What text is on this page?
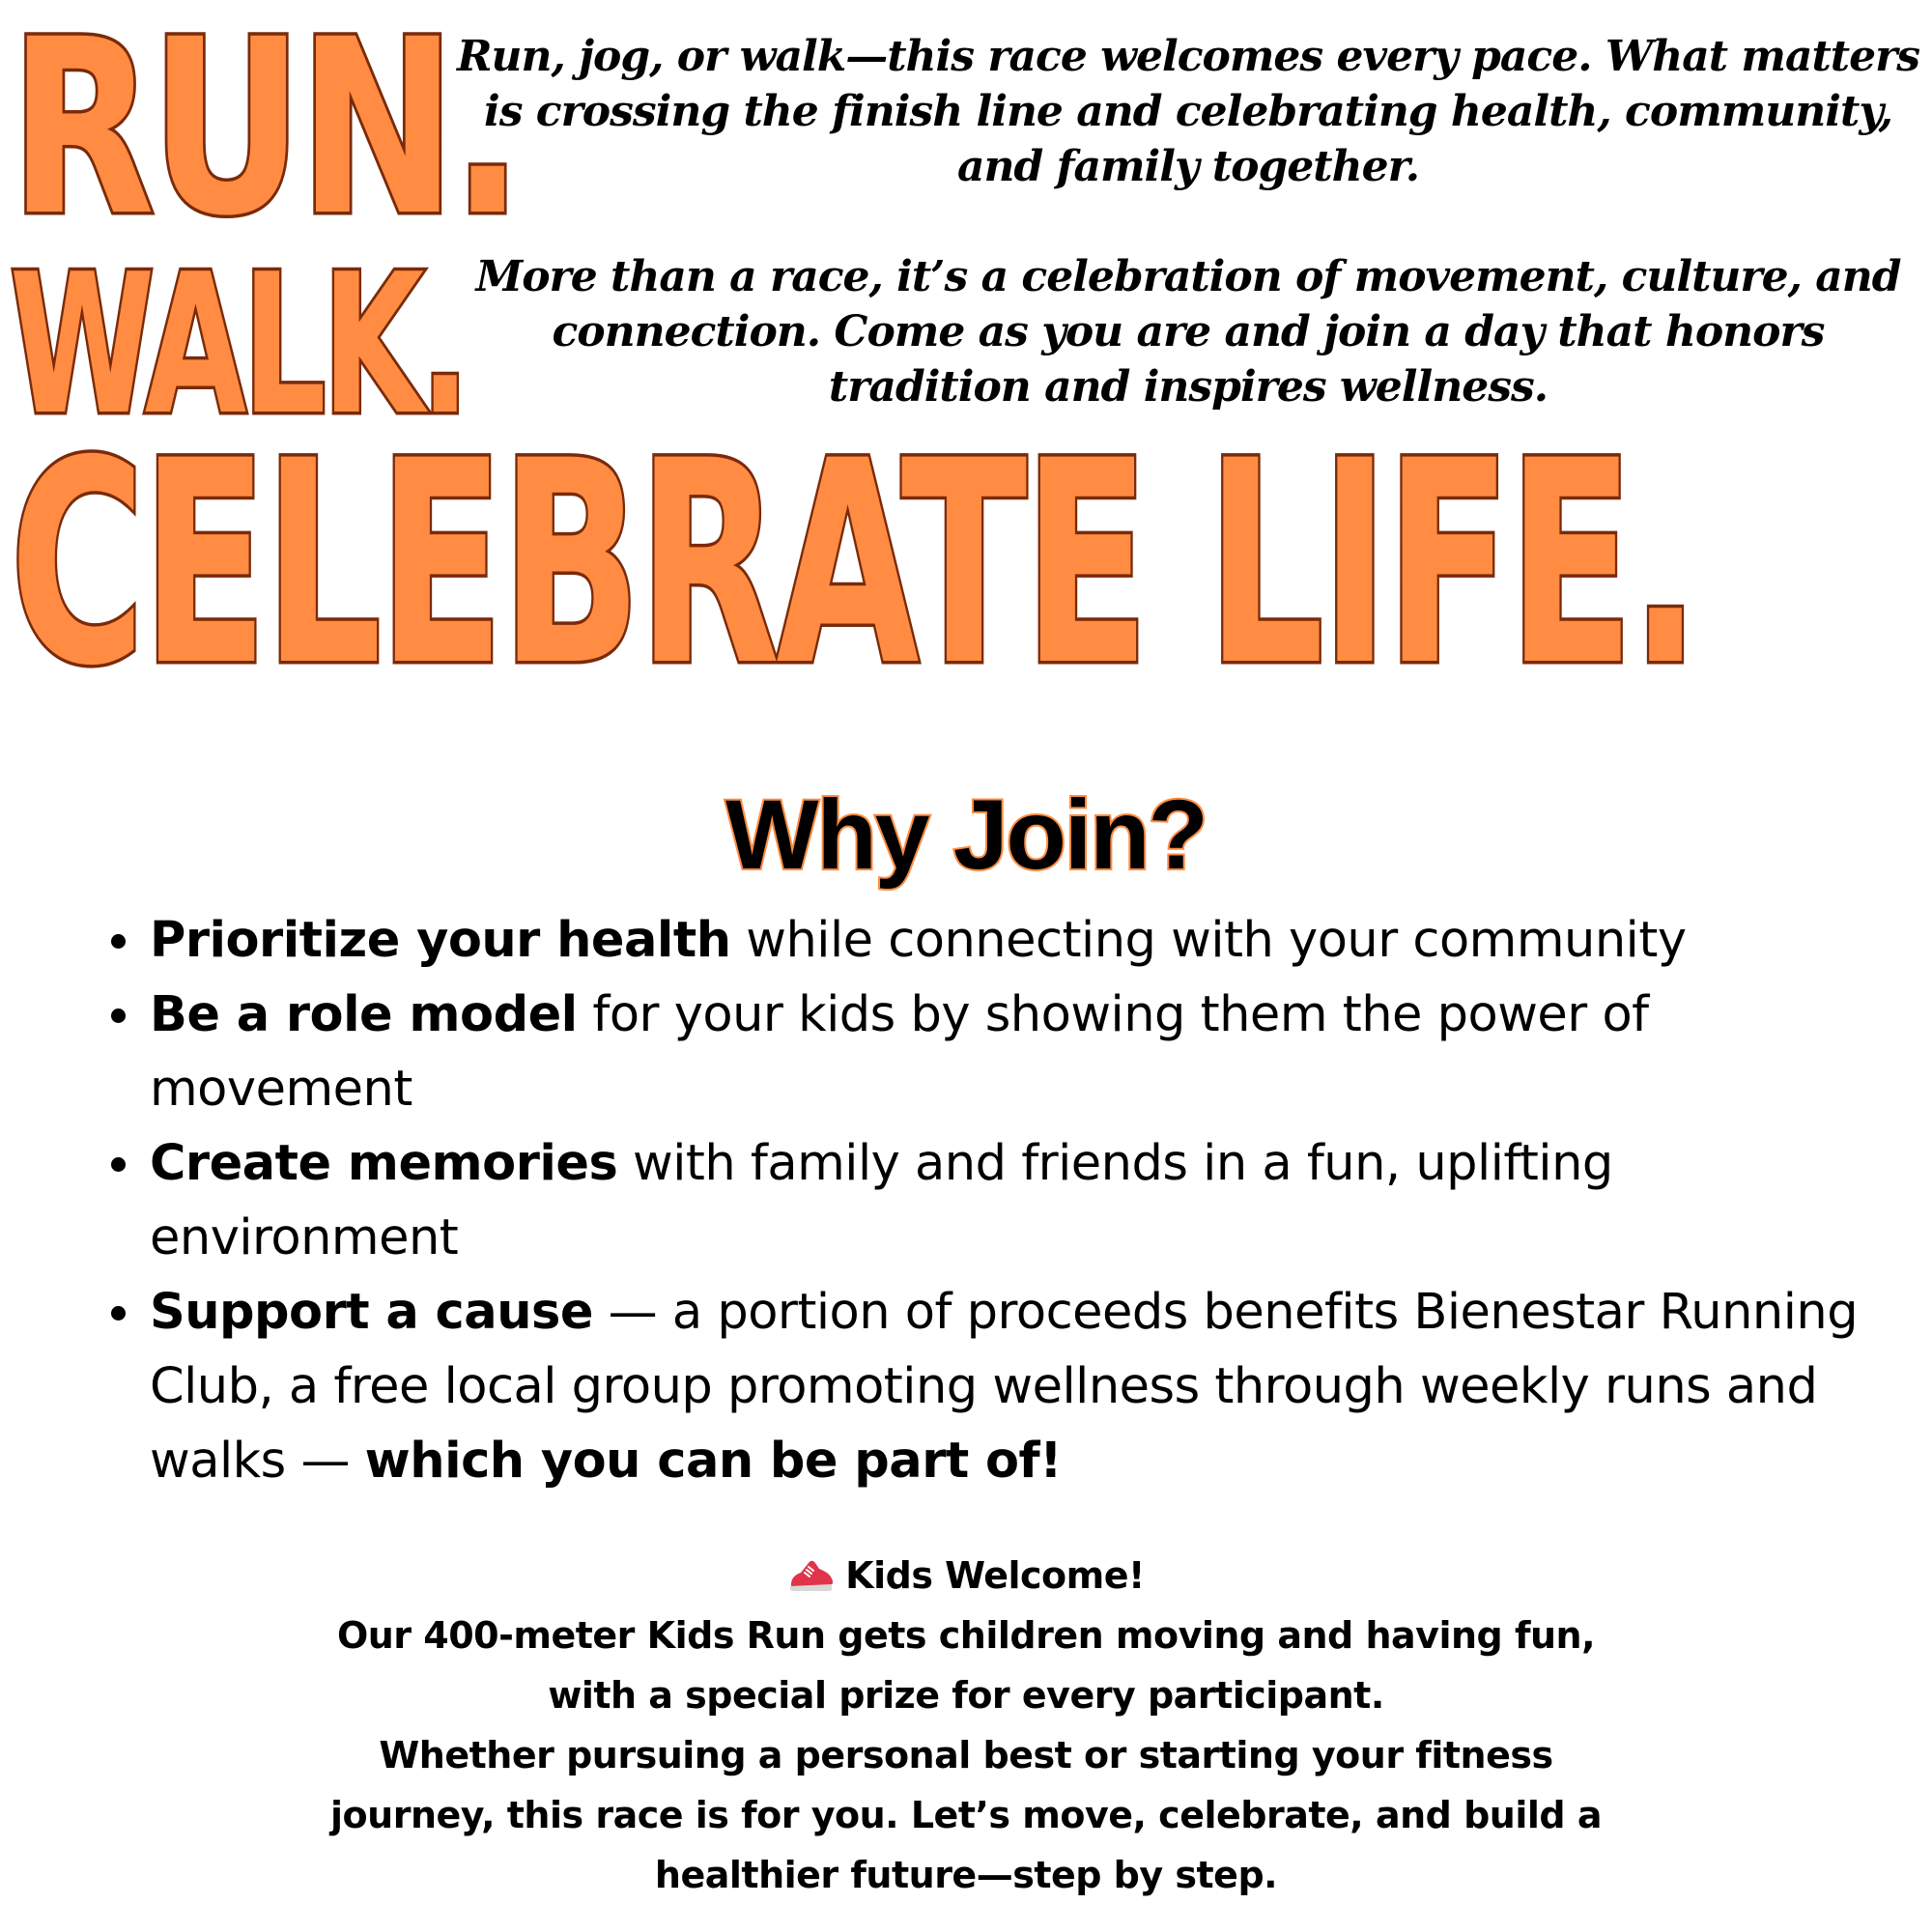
RUN.
WALK.
CELEBRATE LIFE.

Run, jog, or walk—this race welcomes every pace. What matters is crossing the finish line and celebrating health, community, and family together.

More than a race, it’s a celebration of movement, culture, and connection. Come as you are and join a day that honors tradition and inspires wellness.

Why Join?
Prioritize your health while connecting with your community
Be a role model for your kids by showing them the power of movement
Create memories with family and friends in a fun, uplifting environment
Support a cause — a portion of proceeds benefits Bienestar Running Club, a free local group promoting wellness through weekly runs and walks — which you can be part of!

Kids Welcome!

Our 400-meter Kids Run gets children moving and having fun,

with a special prize for every participant.

Whether pursuing a personal best or starting your fitness

journey, this race is for you. Let’s move, celebrate, and build a

healthier future—step by step.
